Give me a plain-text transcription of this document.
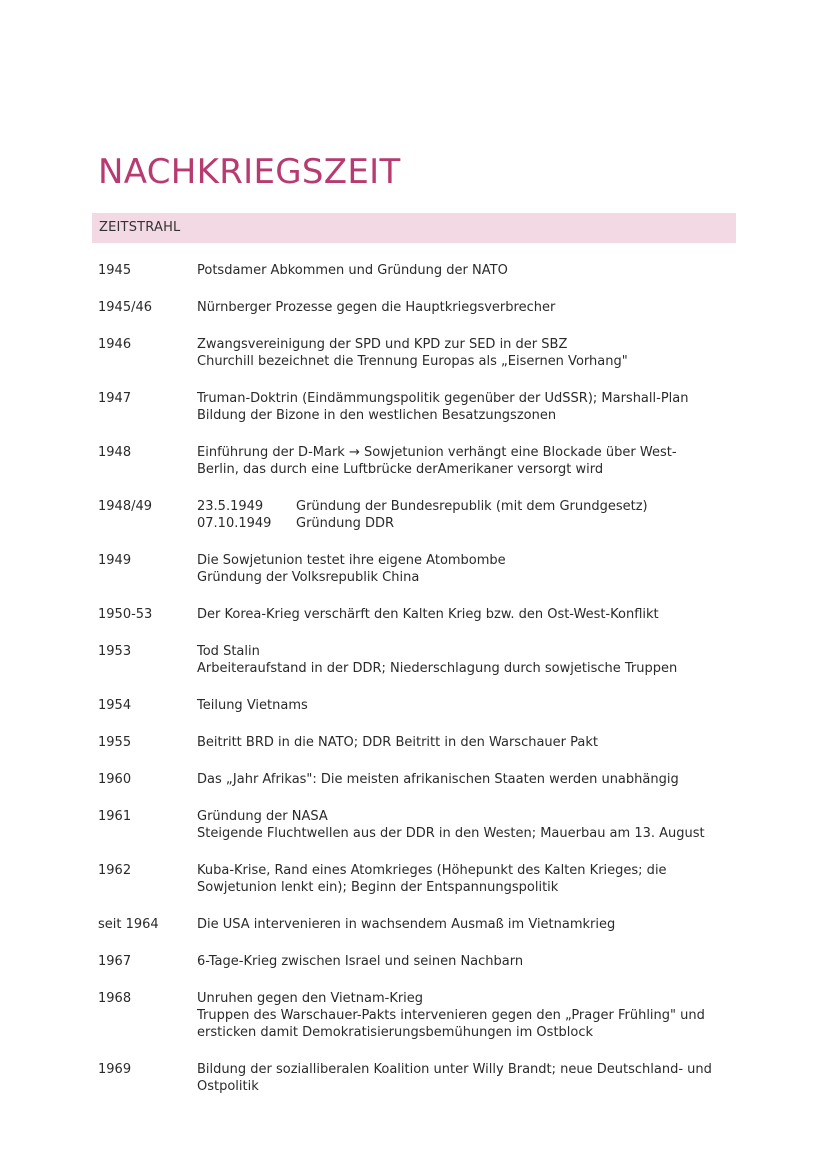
NACHKRIEGSZEIT
ZEITSTRAHL
1945	Potsdamer Abkommen und Gründung der NATO
1945/46	Nürnberger Prozesse gegen die Hauptkriegsverbrecher
1946	Zwangsvereinigung der SPD und KPD zur SED in der SBZ
Churchill bezeichnet die Trennung Europas als „Eisernen Vorhang"
1947	Truman-Doktrin (Eindämmungspolitik gegenüber der UdSSR); Marshall-Plan
Bildung der Bizone in den westlichen Besatzungszonen
1948	Einführung der D-Mark → Sowjetunion verhängt eine Blockade über West-
Berlin, das durch eine Luftbrücke derAmerikaner versorgt wird
1948/49	23.5.1949	Gründung der Bundesrepublik (mit dem Grundgesetz)
07.10.1949	Gründung DDR
1949	Die Sowjetunion testet ihre eigene Atombombe
Gründung der Volksrepublik China
1950-53	Der Korea-Krieg verschärft den Kalten Krieg bzw. den Ost-West-Konflikt
1953	Tod Stalin
Arbeiteraufstand in der DDR; Niederschlagung durch sowjetische Truppen
1954	Teilung Vietnams
1955	Beitritt BRD in die NATO; DDR Beitritt in den Warschauer Pakt
1960	Das „Jahr Afrikas": Die meisten afrikanischen Staaten werden unabhängig
1961	Gründung der NASA
Steigende Fluchtwellen aus der DDR in den Westen; Mauerbau am 13. August
1962	Kuba-Krise, Rand eines Atomkrieges (Höhepunkt des Kalten Krieges; die
Sowjetunion lenkt ein); Beginn der Entspannungspolitik
seit 1964	Die USA intervenieren in wachsendem Ausmaß im Vietnamkrieg
1967	6-Tage-Krieg zwischen Israel und seinen Nachbarn
1968	Unruhen gegen den Vietnam-Krieg
Truppen des Warschauer-Pakts intervenieren gegen den „Prager Frühling" und
ersticken damit Demokratisierungsbemühungen im Ostblock
1969	Bildung der sozialliberalen Koalition unter Willy Brandt; neue Deutschland- und
Ostpolitik
